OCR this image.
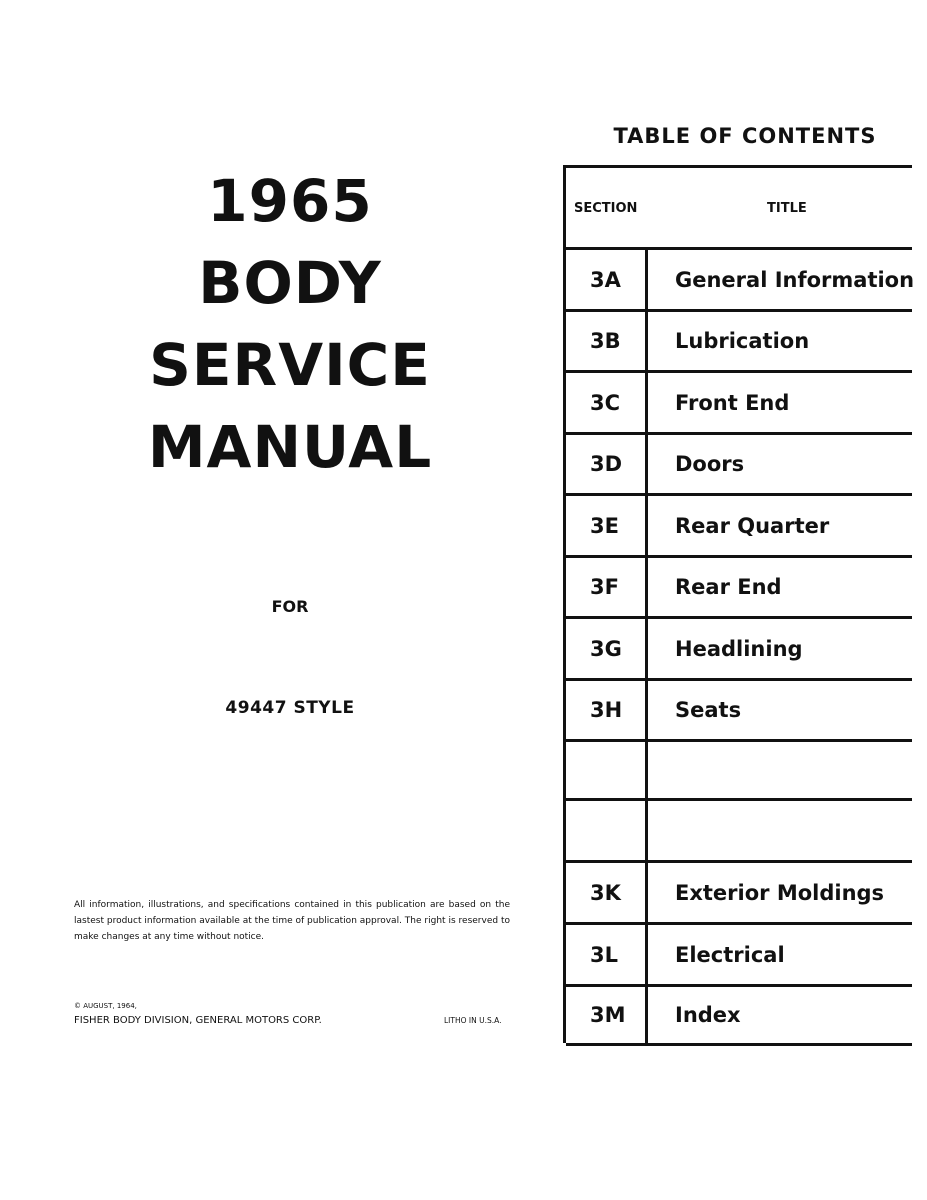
1965
BODY
SERVICE
MANUAL
FOR
49447 STYLE
All information, illustrations, and specifications contained in this publication are based on the lastest product information available at the time of publication approval. The right is reserved to make changes at any time without notice.
© AUGUST, 1964,
FISHER BODY DIVISION, GENERAL MOTORS CORP.	LITHO IN U.S.A.
TABLE OF CONTENTS
SECTION	TITLE
3A	General Information
3B	Lubrication
3C	Front End
3D	Doors
3E	Rear Quarter
3F	Rear End
3G	Headlining
3H	Seats
3K	Exterior Moldings
3L	Electrical
3M	Index
